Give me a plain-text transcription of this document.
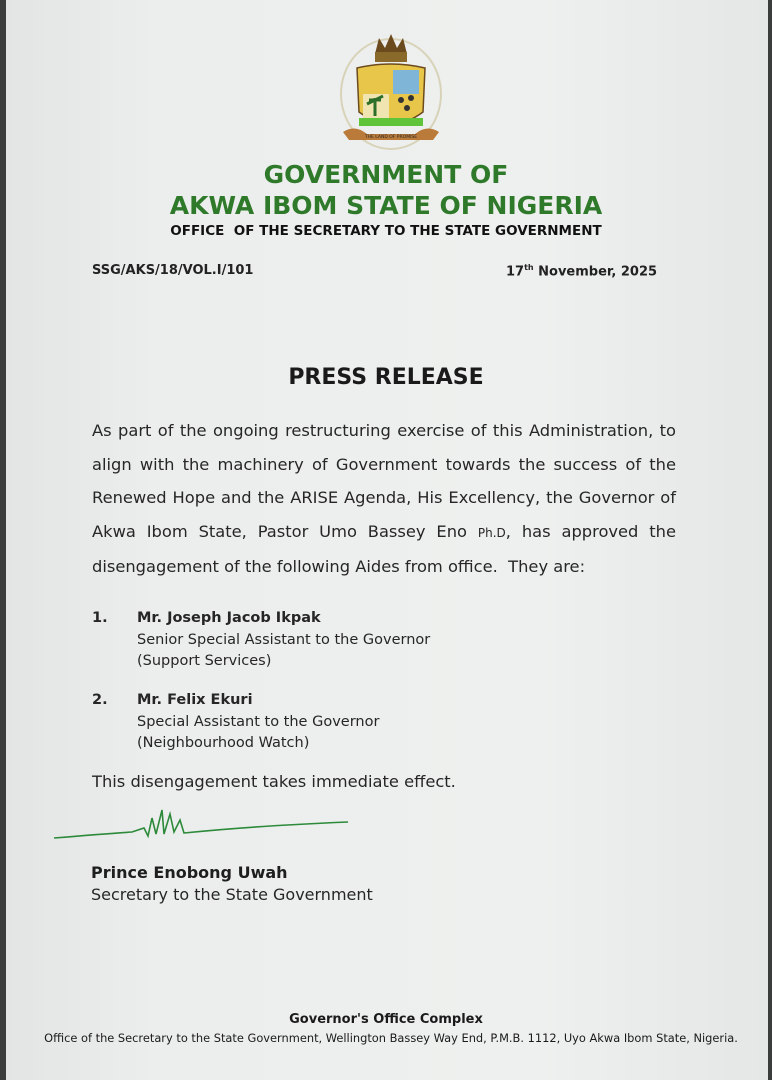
THE LAND OF PROMISE
GOVERNMENT OF
AKWA IBOM STATE OF NIGERIA
OFFICE  OF THE SECRETARY TO THE STATE GOVERNMENT
SSG/AKS/18/VOL.I/101	17th November, 2025
PRESS RELEASE
As part of the ongoing restructuring exercise of this Administration, to align with the machinery of Government towards the success of the Renewed Hope and the ARISE Agenda, His Excellency, the Governor of Akwa Ibom State, Pastor Umo Bassey Eno Ph.D, has approved the disengagement of the following Aides from office.  They are:
1. Mr. Joseph Jacob Ikpak
Senior Special Assistant to the Governor
(Support Services)
2. Mr. Felix Ekuri
Special Assistant to the Governor
(Neighbourhood Watch)
This disengagement takes immediate effect.
Prince Enobong Uwah
Secretary to the State Government
Governor's Office Complex
Office of the Secretary to the State Government, Wellington Bassey Way End, P.M.B. 1112, Uyo Akwa Ibom State, Nigeria.
